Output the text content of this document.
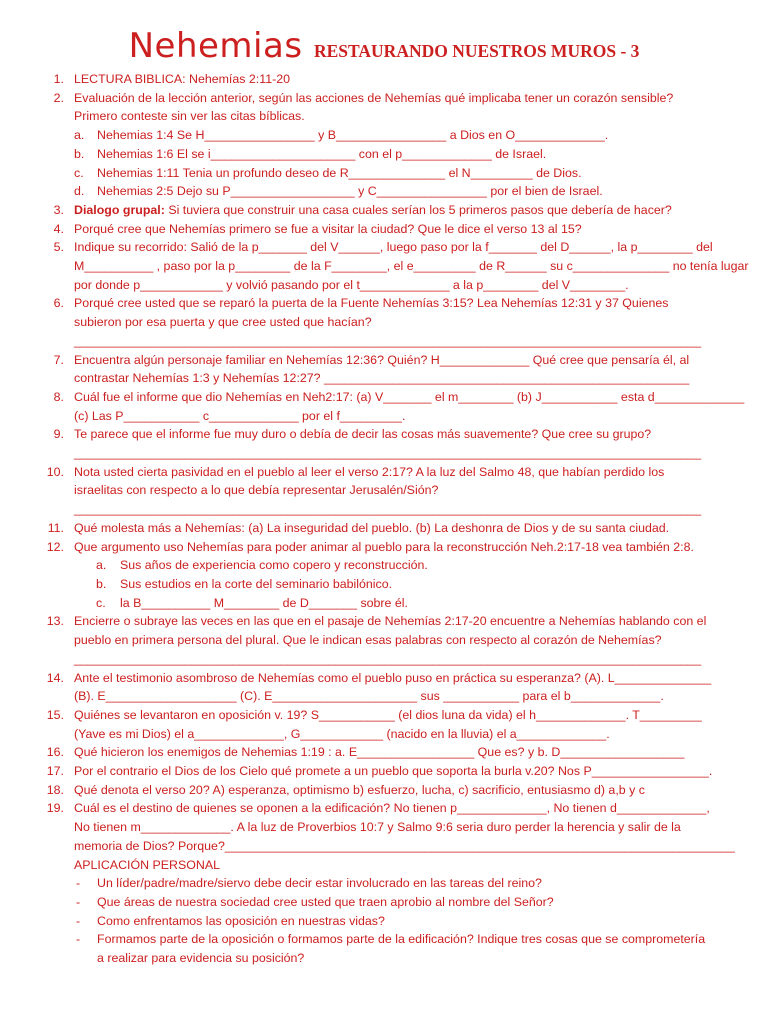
Nehemias RESTAURANDO NUESTROS MUROS - 3
1. LECTURA BIBLICA: Nehemías 2:11-20
2. Evaluación de la lección anterior, según las acciones de Nehemías qué implicaba tener un corazón sensible?
Primero conteste sin ver las citas bíblicas.
a. Nehemias 1:4 Se H________________ y B________________ a Dios en O_____________.
b. Nehemias 1:6 El se i_____________________ con el p_____________ de Israel.
c. Nehemias 1:11 Tenia un profundo deseo de R______________ el N_________ de Dios.
d. Nehemias 2:5 Dejo su P__________________ y C________________ por el bien de Israel.
3. Dialogo grupal: Si tuviera que construir una casa cuales serían los 5 primeros pasos que debería de hacer?
4. Porqué cree que Nehemías primero se fue a visitar la ciudad? Que le dice el verso 13 al 15?
5. Indique su recorrido: Salió de la p_______ del V______, luego paso por la f_______ del D______, la p________ del
M__________ , paso por la p________ de la F________, el e_________ de R______ su c______________ no tenía lugar
por donde p____________ y volvió pasando por el t_____________ a la p________ del V________.
6. Porqué cree usted que se reparó la puerta de la Fuente Nehemías 3:15? Lea Nehemías 12:31 y 37 Quienes
subieron por esa puerta y que cree usted que hacían?
___________________________________________________________________________________________
7. Encuentra algún personaje familiar en Nehemías 12:36? Quién? H_____________ Qué cree que pensaría él, al
contrastar Nehemías 1:3 y Nehemías 12:27? _____________________________________________________
8. Cuál fue el informe que dio Nehemías en Neh2:17: (a) V_______ el m________ (b) J___________ esta d_____________
(c) Las P___________ c_____________ por el f_________.
9. Te parece que el informe fue muy duro o debía de decir las cosas más suavemente? Que cree su grupo?
___________________________________________________________________________________________
10. Nota usted cierta pasividad en el pueblo al leer el verso 2:17? A la luz del Salmo 48, que habían perdido los
israelitas con respecto a lo que debía representar Jerusalén/Sión?
___________________________________________________________________________________________
11. Qué molesta más a Nehemías: (a) La inseguridad del pueblo. (b) La deshonra de Dios y de su santa ciudad.
12. Que argumento uso Nehemías para poder animar al pueblo para la reconstrucción Neh.2:17-18 vea también 2:8.
a. Sus años de experiencia como copero y reconstrucción.
b. Sus estudios en la corte del seminario babilónico.
c. la B__________ M________ de D_______ sobre él.
13. Encierre o subraye las veces en las que en el pasaje de Nehemías 2:17-20 encuentre a Nehemías hablando con el
pueblo en primera persona del plural. Que le indican esas palabras con respecto al corazón de Nehemías?
___________________________________________________________________________________________
14. Ante el testimonio asombroso de Nehemías como el pueblo puso en práctica su esperanza? (A). L______________
(B). E___________________ (C). E_____________________ sus ___________ para el b_____________.
15. Quiénes se levantaron en oposición v. 19? S___________ (el dios luna da vida) el h_____________. T_________
(Yave es mi Dios) el a_____________, G____________ (nacido en la lluvia) el a_____________.
16. Qué hicieron los enemigos de Nehemias 1:19 : a. E_________________ Que es? y b. D__________________
17. Por el contrario el Dios de los Cielo qué promete a un pueblo que soporta la burla v.20? Nos P_________________.
18. Qué denota el verso 20? A) esperanza, optimismo b) esfuerzo, lucha, c) sacrificio, entusiasmo d) a,b y c
19. Cuál es el destino de quienes se oponen a la edificación? No tienen p_____________, No tienen d_____________,
No tienen m_____________. A la luz de Proverbios 10:7 y Salmo 9:6 seria duro perder la herencia y salir de la
memoria de Dios? Porque?__________________________________________________________________________
APLICACIÓN PERSONAL
-	Un líder/padre/madre/siervo debe decir estar involucrado en las tareas del reino?
-	Que áreas de nuestra sociedad cree usted que traen aprobio al nombre del Señor?
-	Como enfrentamos las oposición en nuestras vidas?
-	Formamos parte de la oposición o formamos parte de la edificación? Indique tres cosas que se comprometería
a realizar para evidencia su posición?
